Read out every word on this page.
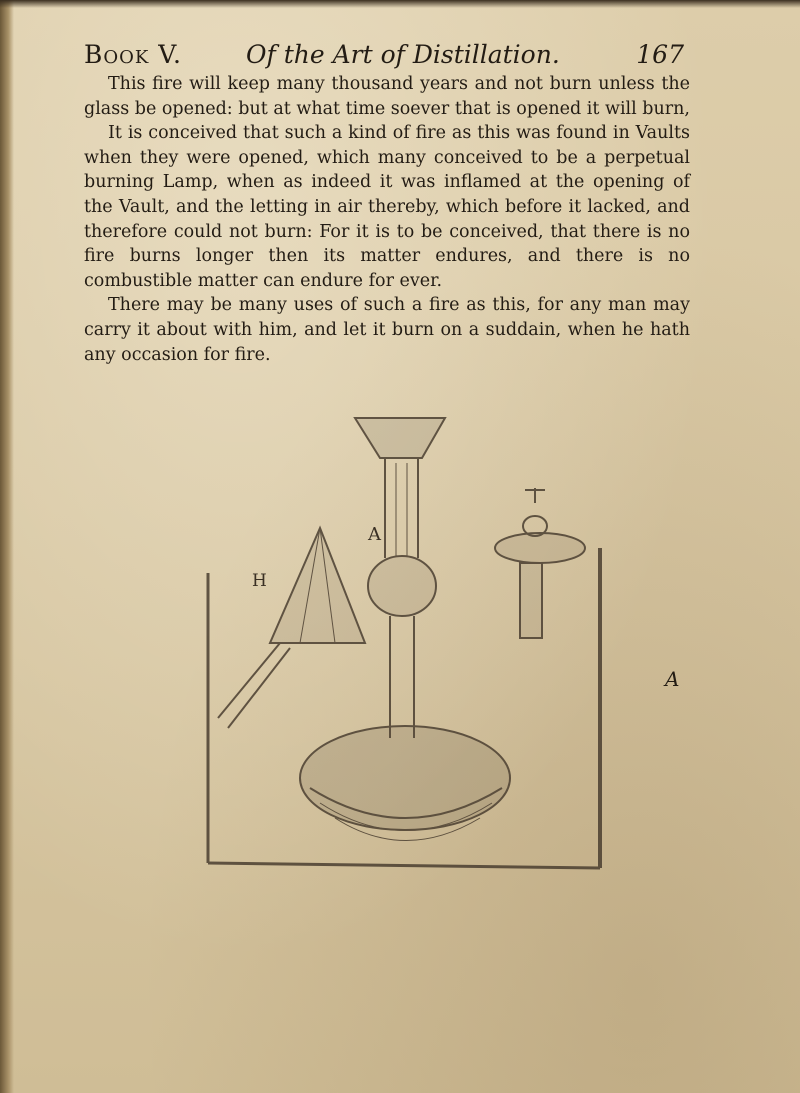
Book V.	Of the Art of Distillation.	167

This fire will keep many thousand years and not burn unless the glass be opened: but at what time soever that is opened it will burn,

It is conceived that such a kind of fire as this was found in Vaults when they were opened, which many conceived to be a perpetual burning Lamp, when as indeed it was inflamed at the opening of the Vault, and the letting in air thereby, which before it lacked, and therefore could not burn: For it is to be conceived, that there is no fire burns longer then its matter endures, and there is no combustible matter can endure for ever.

There may be many uses of such a fire as this, for any man may carry it about with him, and let it burn on a suddain, when he hath any occasion for fire.

A
H
A
